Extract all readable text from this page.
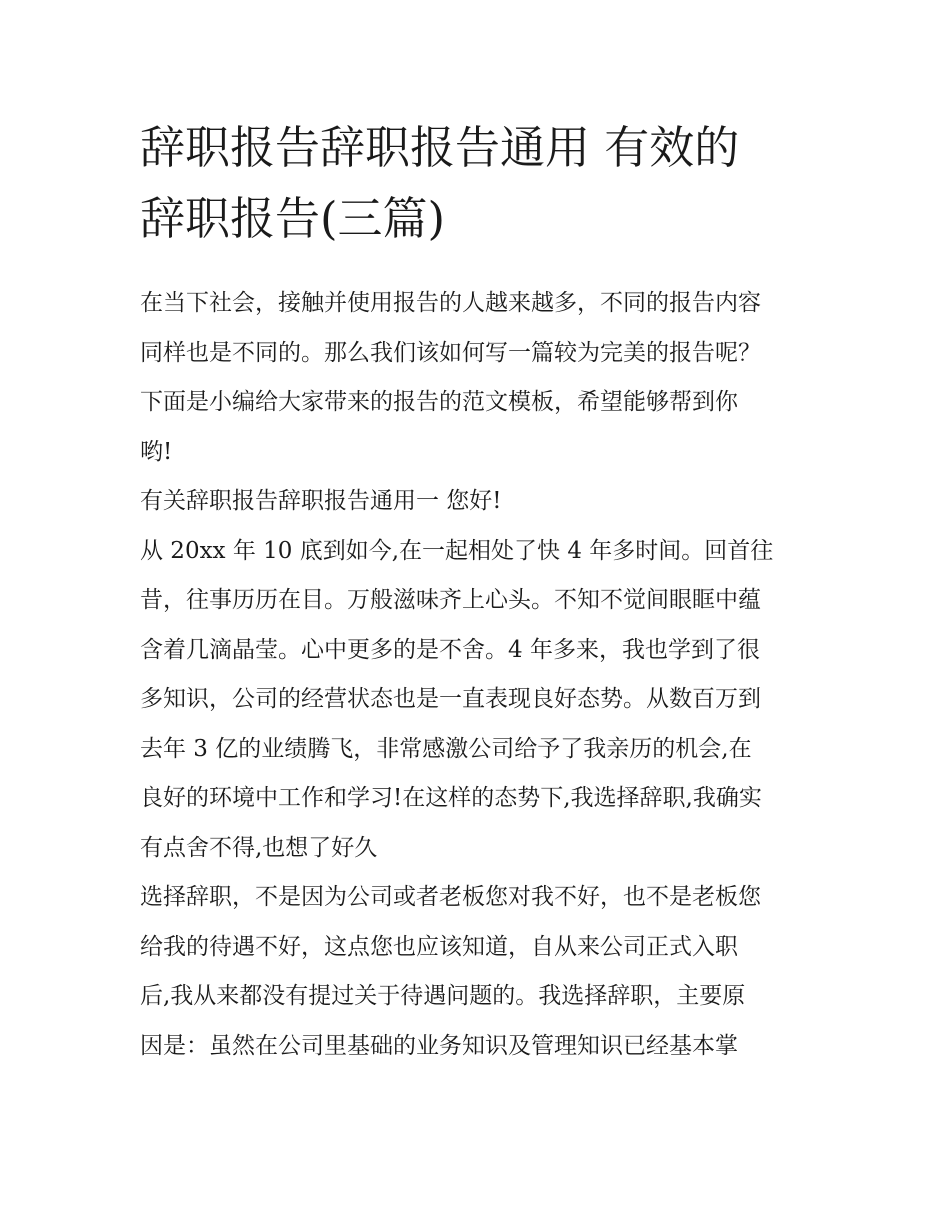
辞职报告辞职报告通用 有效的
辞职报告(三篇)
在当下社会，接触并使用报告的人越来越多，不同的报告内容
同样也是不同的。那么我们该如何写一篇较为完美的报告呢？
下面是小编给大家带来的报告的范文模板，希望能够帮到你
哟!
有关辞职报告辞职报告通用一 您好!
从 20xx 年 10 底到如今,在一起相处了快 4 年多时间。回首往
昔，往事历历在目。万般滋味齐上心头。不知不觉间眼眶中蕴
含着几滴晶莹。心中更多的是不舍。4 年多来，我也学到了很
多知识，公司的经营状态也是一直表现良好态势。从数百万到
去年 3 亿的业绩腾飞，非常感激公司给予了我亲历的机会,在
良好的环境中工作和学习!在这样的态势下,我选择辞职,我确实
有点舍不得,也想了好久
选择辞职，不是因为公司或者老板您对我不好，也不是老板您
给我的待遇不好，这点您也应该知道，自从来公司正式入职
后,我从来都没有提过关于待遇问题的。我选择辞职，主要原
因是：虽然在公司里基础的业务知识及管理知识已经基本掌
